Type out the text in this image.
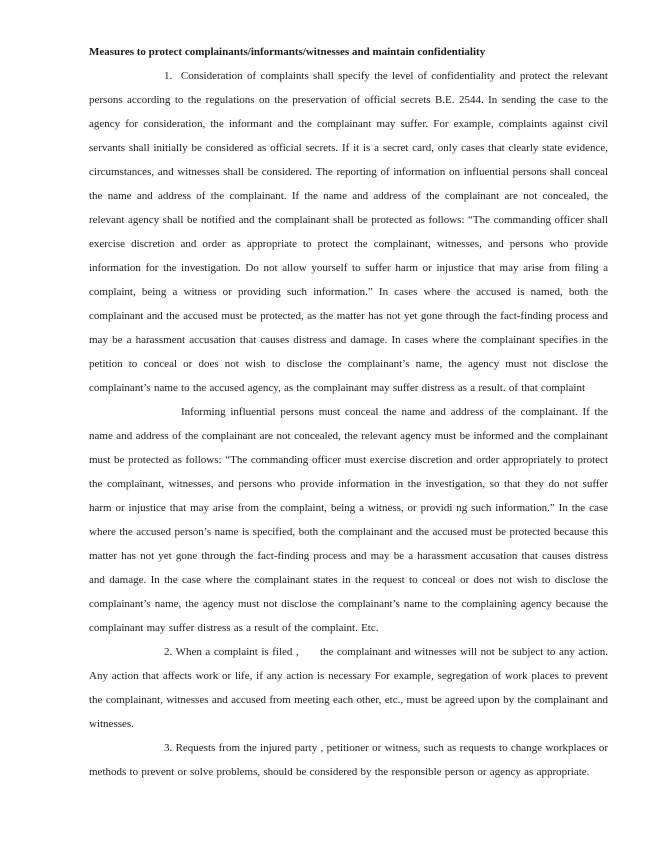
Measures to protect complainants/informants/witnesses and maintain confidentiality

1.  Consideration of complaints shall specify the level of confidentiality and protect the relevant persons according to the regulations on the preservation of official secrets B.E. 2544. In sending the case to the agency for consideration, the informant and the complainant may suffer. For example, complaints against civil servants shall initially be considered as official secrets. If it is a secret card, only cases that clearly state evidence, circumstances, and witnesses shall be considered. The reporting of information on influential persons shall conceal the name and address of the complainant. If the name and address of the complainant are not concealed, the relevant agency shall be notified and the complainant shall be protected as follows: “The commanding officer shall exercise discretion and order as appropriate to protect the complainant, witnesses, and persons who provide information for the investigation. Do not allow yourself to suffer harm or injustice that may arise from filing a complaint, being a witness or providing such information.” In cases where the accused is named, both the complainant and the accused must be protected, as the matter has not yet gone through the fact-finding process and may be a harassment accusation that causes distress and damage. In cases where the complainant specifies in the petition to conceal or does not wish to disclose the complainant’s name, the agency must not disclose the complainant’s name to the accused agency, as the complainant may suffer distress as a result. of that complaint

Informing influential persons must conceal the name and address of the complainant. If the name and address of the complainant are not concealed, the relevant agency must be informed and the complainant must be protected as follows: “The commanding officer must exercise discretion and order appropriately to protect the complainant, witnesses, and persons who provide information in the investigation, so that they do not suffer harm or injustice that may arise from the complaint, being a witness, or providi ng such information.” In the case where the accused person’s name is specified, both the complainant and the accused must be protected because this matter has not yet gone through the fact-finding process and may be a harassment accusation that causes distress and damage. In the case where the complainant states in the request to conceal or does not wish to disclose the complainant’s name, the agency must not disclose the complainant’s name to the complaining agency because the complainant may suffer distress as a result of the complaint. Etc.

2. When a complaint is filed ,      the complainant and witnesses will not be subject to any action. Any action that affects work or life, if any action is necessary For example, segregation of work places to prevent the complainant, witnesses and accused from meeting each other, etc., must be agreed upon by the complainant and witnesses.

3. Requests from the injured party , petitioner or witness, such as requests to change workplaces or methods to prevent or solve problems, should be considered by the responsible person or agency as appropriate.
